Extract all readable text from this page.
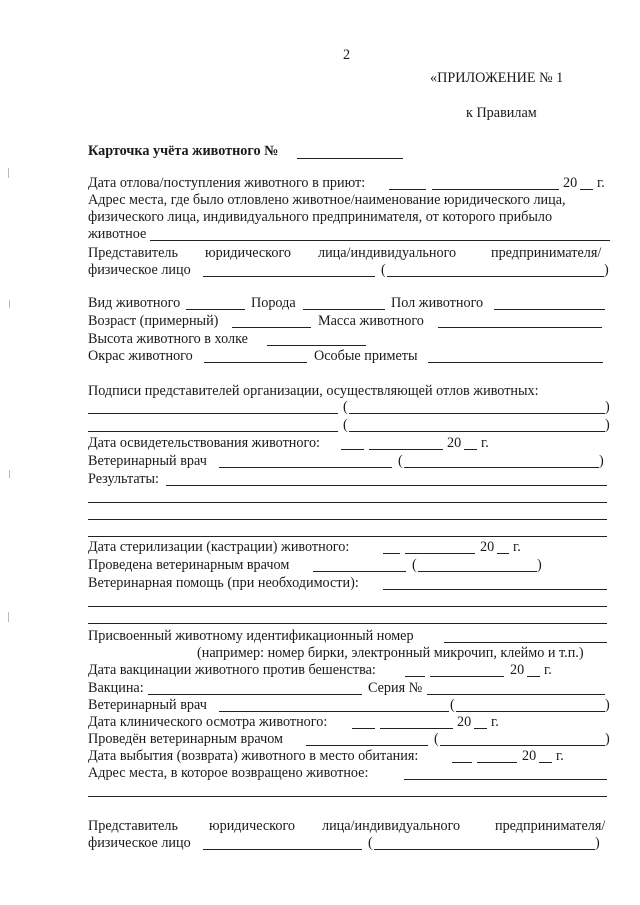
2
«ПРИЛОЖЕНИЕ № 1
к Правилам
Карточка учёта животного №
Дата отлова/поступления животного в приют:	20 г.
Адрес места, где было отловлено животное/наименование юридического лица,
физического лица, индивидуального предпринимателя, от которого прибыло
животное
Представитель юридического лица/индивидуального предпринимателя/
физическое лицо	(	)
Вид животного	Порода	Пол животного
Возраст (примерный)	Масса животного
Высота животного в холке
Окрас животного	Особые приметы
Подписи представителей организации, осуществляющей отлов животных:
(	)
(	)
Дата освидетельствования животного:	20 г.
Ветеринарный врач	(	)
Результаты:
Дата стерилизации (кастрации) животного:	20 г.
Проведена ветеринарным врачом	(	)
Ветеринарная помощь (при необходимости):
Присвоенный животному идентификационный номер
(например: номер бирки, электронный микрочип, клеймо и т.п.)
Дата вакцинации животного против бешенства:	20 г.
Вакцина:	Серия №
Ветеринарный врач	(	)
Дата клинического осмотра животного:	20 г.
Проведён ветеринарным врачом	(	)
Дата выбытия (возврата) животного в место обитания:	20 г.
Адрес места, в которое возвращено животное:
Представитель юридического лица/индивидуального предпринимателя/
физическое лицо	(	)
